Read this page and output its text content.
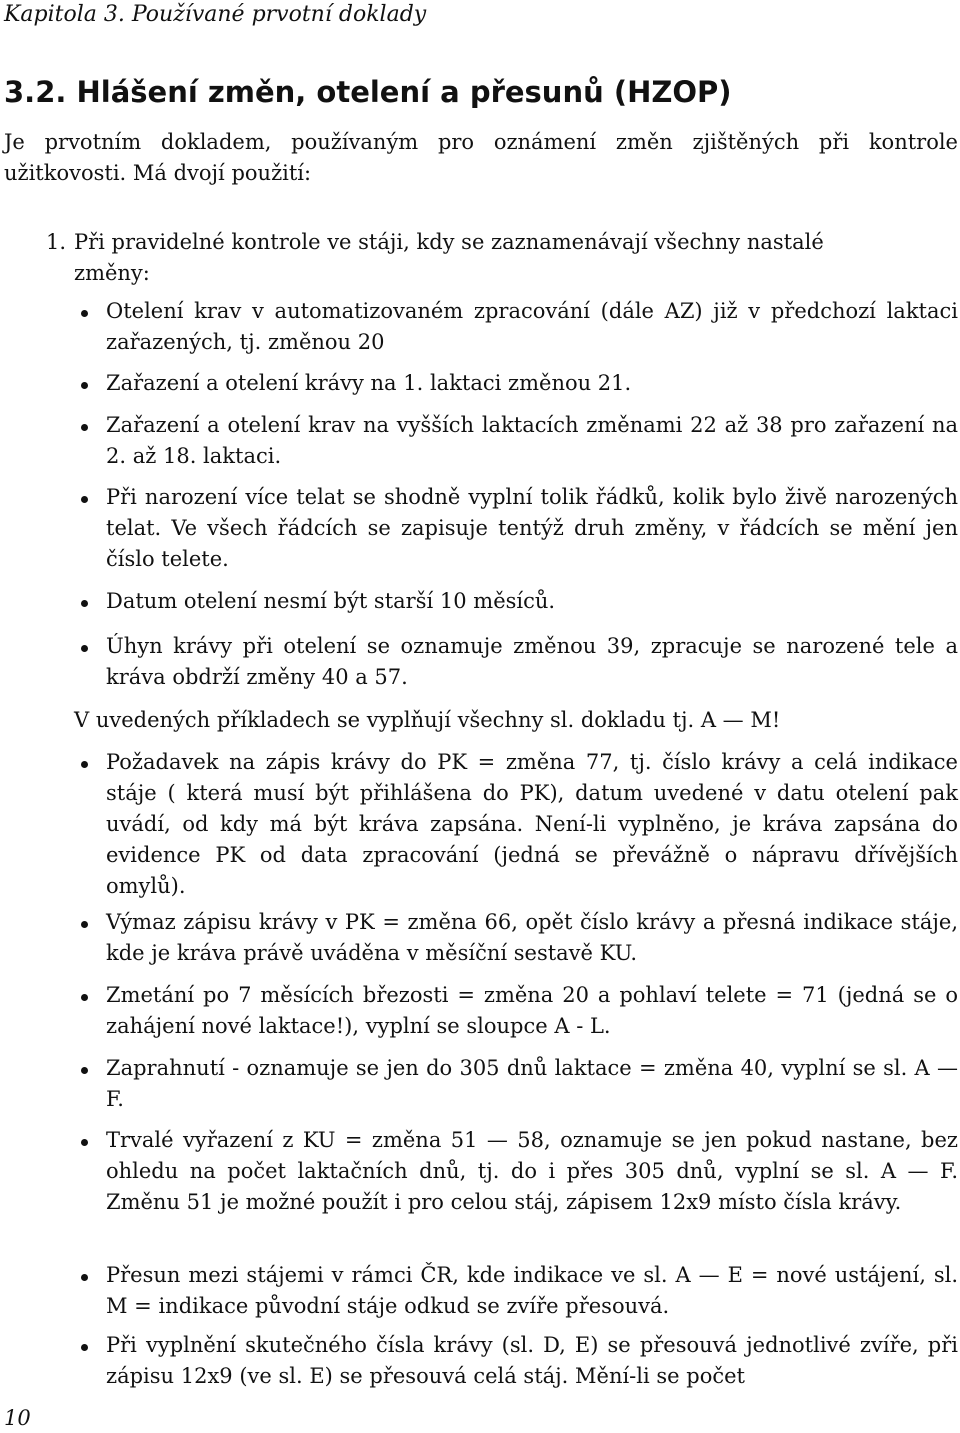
Kapitola 3. Používané prvotní doklady
3.2. Hlášení změn, otelení a přesunů (HZOP)
Je prvotním dokladem, používaným pro oznámení změn zjištěných při kontrole užitkovosti. Má dvojí použití:
1. Při pravidelné kontrole ve stáji, kdy se zaznamenávají všechny nastalé
změny:
Otelení krav v automatizovaném zpracování (dále AZ) již v předchozí laktaci zařazených, tj. změnou 20
Zařazení a otelení krávy na 1. laktaci změnou 21.
Zařazení a otelení krav na vyšších laktacích změnami 22 až 38 pro zařazení na 2. až 18. laktaci.
Při narození více telat se shodně vyplní tolik řádků, kolik bylo živě narozených telat. Ve všech řádcích se zapisuje tentýž druh změny, v řádcích se mění jen číslo telete.
Datum otelení nesmí být starší 10 měsíců.
Úhyn krávy při otelení se oznamuje změnou 39, zpracuje se narozené tele a kráva obdrží změny 40 a 57.
V uvedených příkladech se vyplňují všechny sl. dokladu tj. A — M!
Požadavek na zápis krávy do PK = změna 77, tj. číslo krávy a celá indikace stáje ( která musí být přihlášena do PK), datum uvedené v datu otelení pak uvádí, od kdy má být kráva zapsána. Není-li vyplněno, je kráva zapsána do evidence PK od data zpracování (jedná se převážně o nápravu dřívějších omylů).
Výmaz zápisu krávy v PK = změna 66, opět číslo krávy a přesná indikace stáje, kde je kráva právě uváděna v měsíční sestavě KU.
Zmetání po 7 měsících březosti = změna 20 a pohlaví telete = 71 (jedná se o zahájení nové laktace!), vyplní se sloupce A - L.
Zaprahnutí - oznamuje se jen do 305 dnů laktace = změna 40, vyplní se sl. A — F.
Trvalé vyřazení z KU = změna 51 — 58, oznamuje se jen pokud nastane, bez ohledu na počet laktačních dnů, tj. do i přes 305 dnů, vyplní se sl. A — F. Změnu 51 je možné použít i pro celou stáj, zápisem 12x9 místo čísla krávy.
Přesun mezi stájemi v rámci ČR, kde indikace ve sl. A — E = nové ustájení, sl. M = indikace původní stáje odkud se zvíře přesouvá.
Při vyplnění skutečného čísla krávy (sl. D, E) se přesouvá jednotlivé zvíře, při zápisu 12x9 (ve sl. E) se přesouvá celá stáj. Mění-li se počet
10
